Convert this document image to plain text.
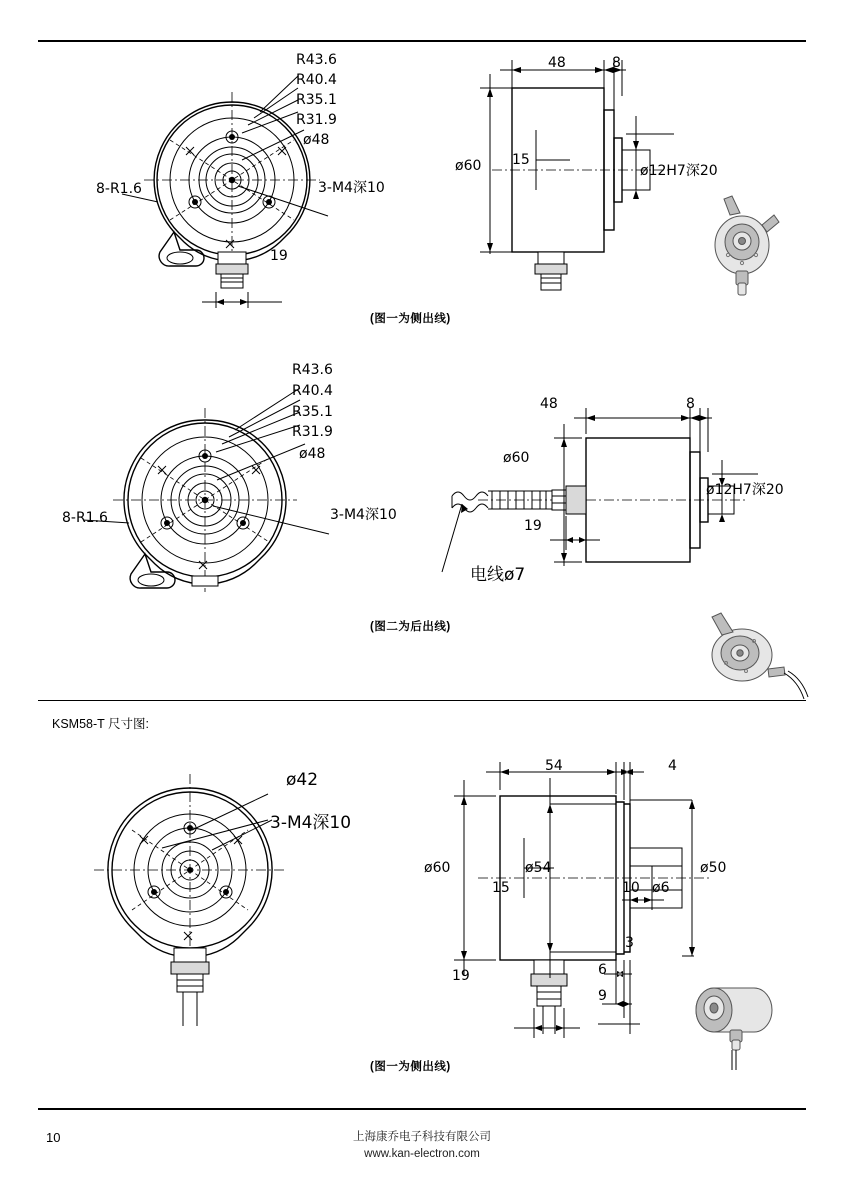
R43.6
R40.4
R35.1
R31.9
ø48
8-R1.6	3-M4深10
19
48	8
ø60 15
ø12H7深20
(图一为侧出线)
R43.6
R40.4
R35.1
R31.9
ø48
8-R1.6	3-M4深10
48	8
ø60
19
ø12H7深20
电线ø7
(图二为后出线)
KSM58-T 尺寸图:
ø42
3-M4深10
54	4
ø60	ø54	ø50
15	10 ø6
3
6
9
19
(图一为侧出线)
10	上海康乔电子科技有限公司
www.kan-electron.com
